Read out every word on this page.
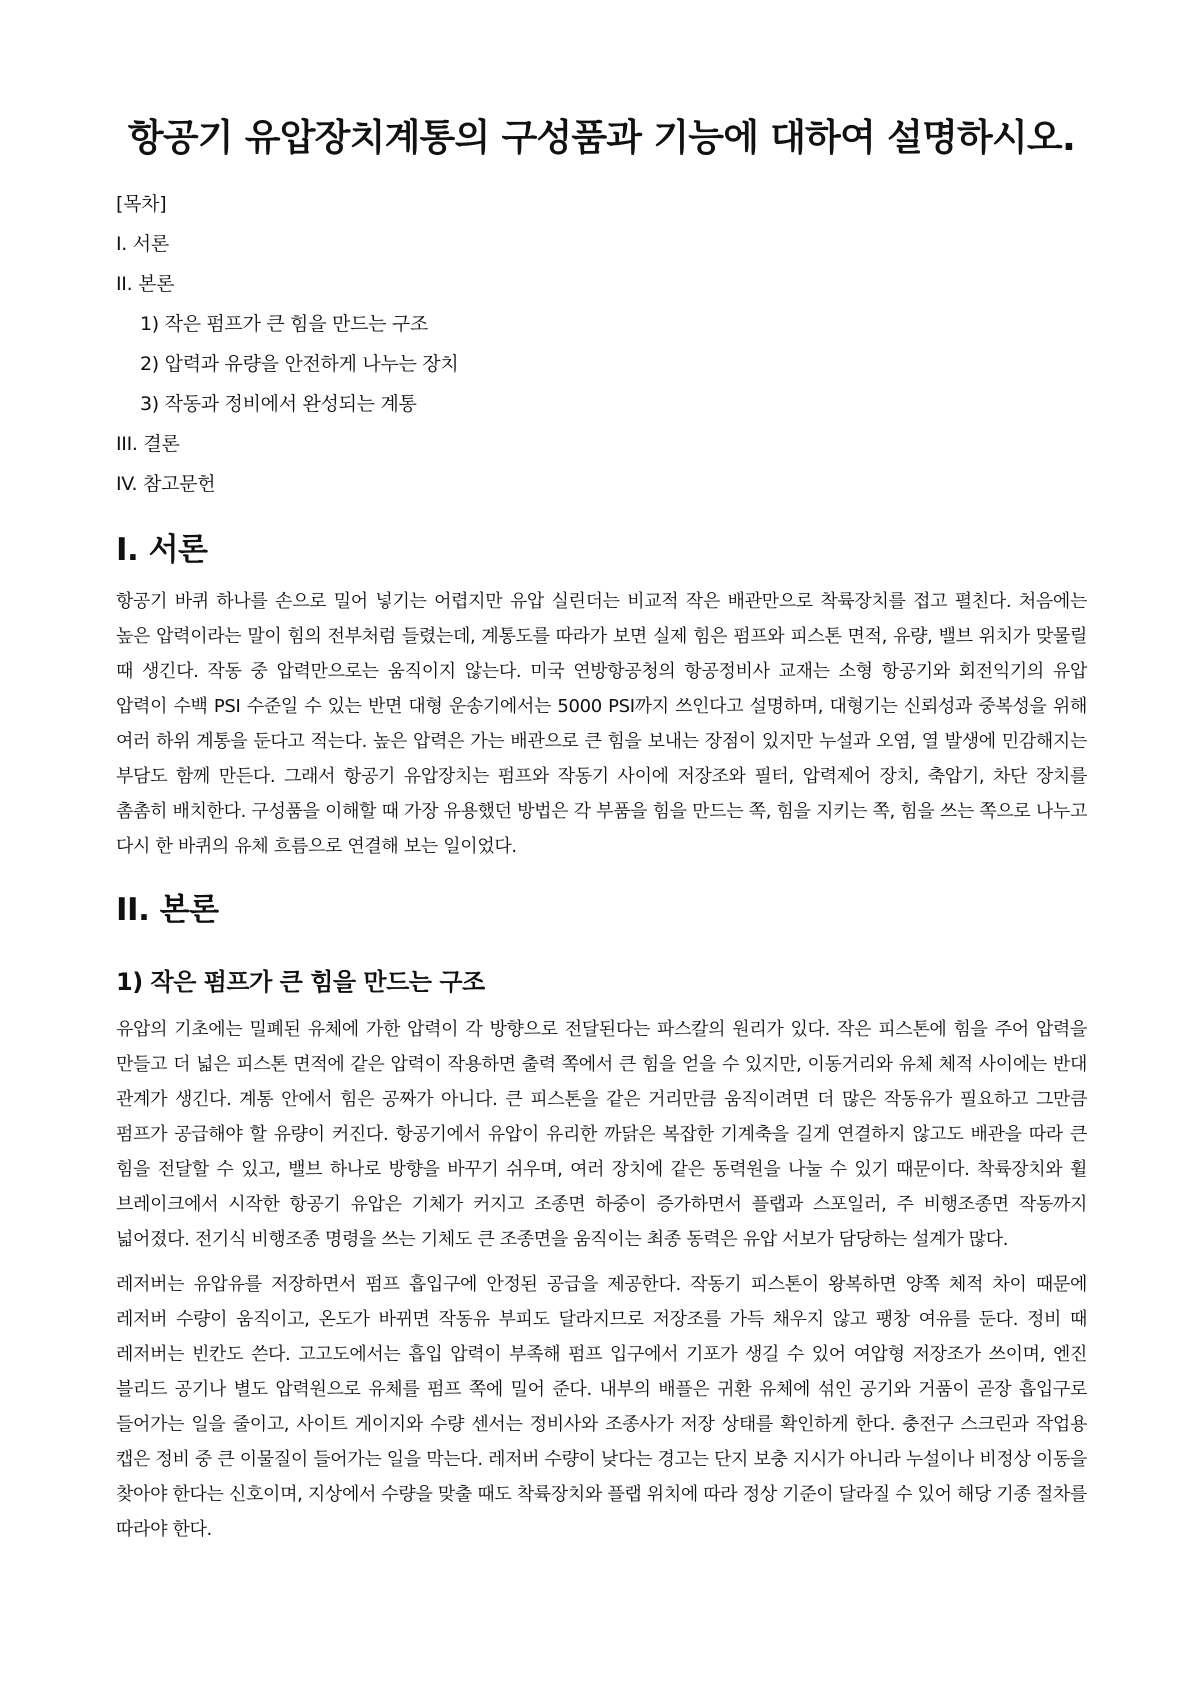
항공기 유압장치계통의 구성품과 기능에 대하여 설명하시오.
[목차]
I. 서론
II. 본론
1) 작은 펌프가 큰 힘을 만드는 구조
2) 압력과 유량을 안전하게 나누는 장치
3) 작동과 정비에서 완성되는 계통
III. 결론
IV. 참고문헌
I. 서론

항공기 바퀴 하나를 손으로 밀어 넣기는 어렵지만 유압 실린더는 비교적 작은 배관만으로 착륙장치를 접고 펼친다. 처음에는 높은 압력이라는 말이 힘의 전부처럼 들렸는데, 계통도를 따라가 보면 실제 힘은 펌프와 피스톤 면적, 유량, 밸브 위치가 맞물릴 때 생긴다. 작동 중 압력만으로는 움직이지 않는다. 미국 연방항공청의 항공정비사 교재는 소형 항공기와 회전익기의 유압 압력이 수백 PSI 수준일 수 있는 반면 대형 운송기에서는 5000 PSI까지 쓰인다고 설명하며, 대형기는 신뢰성과 중복성을 위해 여러 하위 계통을 둔다고 적는다. 높은 압력은 가는 배관으로 큰 힘을 보내는 장점이 있지만 누설과 오염, 열 발생에 민감해지는 부담도 함께 만든다. 그래서 항공기 유압장치는 펌프와 작동기 사이에 저장조와 필터, 압력제어 장치, 축압기, 차단 장치를 촘촘히 배치한다. 구성품을 이해할 때 가장 유용했던 방법은 각 부품을 힘을 만드는 쪽, 힘을 지키는 쪽, 힘을 쓰는 쪽으로 나누고 다시 한 바퀴의 유체 흐름으로 연결해 보는 일이었다.

II. 본론
1) 작은 펌프가 큰 힘을 만드는 구조

유압의 기초에는 밀폐된 유체에 가한 압력이 각 방향으로 전달된다는 파스칼의 원리가 있다. 작은 피스톤에 힘을 주어 압력을 만들고 더 넓은 피스톤 면적에 같은 압력이 작용하면 출력 쪽에서 큰 힘을 얻을 수 있지만, 이동거리와 유체 체적 사이에는 반대 관계가 생긴다. 계통 안에서 힘은 공짜가 아니다. 큰 피스톤을 같은 거리만큼 움직이려면 더 많은 작동유가 필요하고 그만큼 펌프가 공급해야 할 유량이 커진다. 항공기에서 유압이 유리한 까닭은 복잡한 기계축을 길게 연결하지 않고도 배관을 따라 큰 힘을 전달할 수 있고, 밸브 하나로 방향을 바꾸기 쉬우며, 여러 장치에 같은 동력원을 나눌 수 있기 때문이다. 착륙장치와 휠 브레이크에서 시작한 항공기 유압은 기체가 커지고 조종면 하중이 증가하면서 플랩과 스포일러, 주 비행조종면 작동까지 넓어졌다. 전기식 비행조종 명령을 쓰는 기체도 큰 조종면을 움직이는 최종 동력은 유압 서보가 담당하는 설계가 많다.

레저버는 유압유를 저장하면서 펌프 흡입구에 안정된 공급을 제공한다. 작동기 피스톤이 왕복하면 양쪽 체적 차이 때문에 레저버 수량이 움직이고, 온도가 바뀌면 작동유 부피도 달라지므로 저장조를 가득 채우지 않고 팽창 여유를 둔다. 정비 때 레저버는 빈칸도 쓴다. 고고도에서는 흡입 압력이 부족해 펌프 입구에서 기포가 생길 수 있어 여압형 저장조가 쓰이며, 엔진 블리드 공기나 별도 압력원으로 유체를 펌프 쪽에 밀어 준다. 내부의 배플은 귀환 유체에 섞인 공기와 거품이 곧장 흡입구로 들어가는 일을 줄이고, 사이트 게이지와 수량 센서는 정비사와 조종사가 저장 상태를 확인하게 한다. 충전구 스크린과 작업용 캡은 정비 중 큰 이물질이 들어가는 일을 막는다. 레저버 수량이 낮다는 경고는 단지 보충 지시가 아니라 누설이나 비정상 이동을 찾아야 한다는 신호이며, 지상에서 수량을 맞출 때도 착륙장치와 플랩 위치에 따라 정상 기준이 달라질 수 있어 해당 기종 절차를 따라야 한다.
